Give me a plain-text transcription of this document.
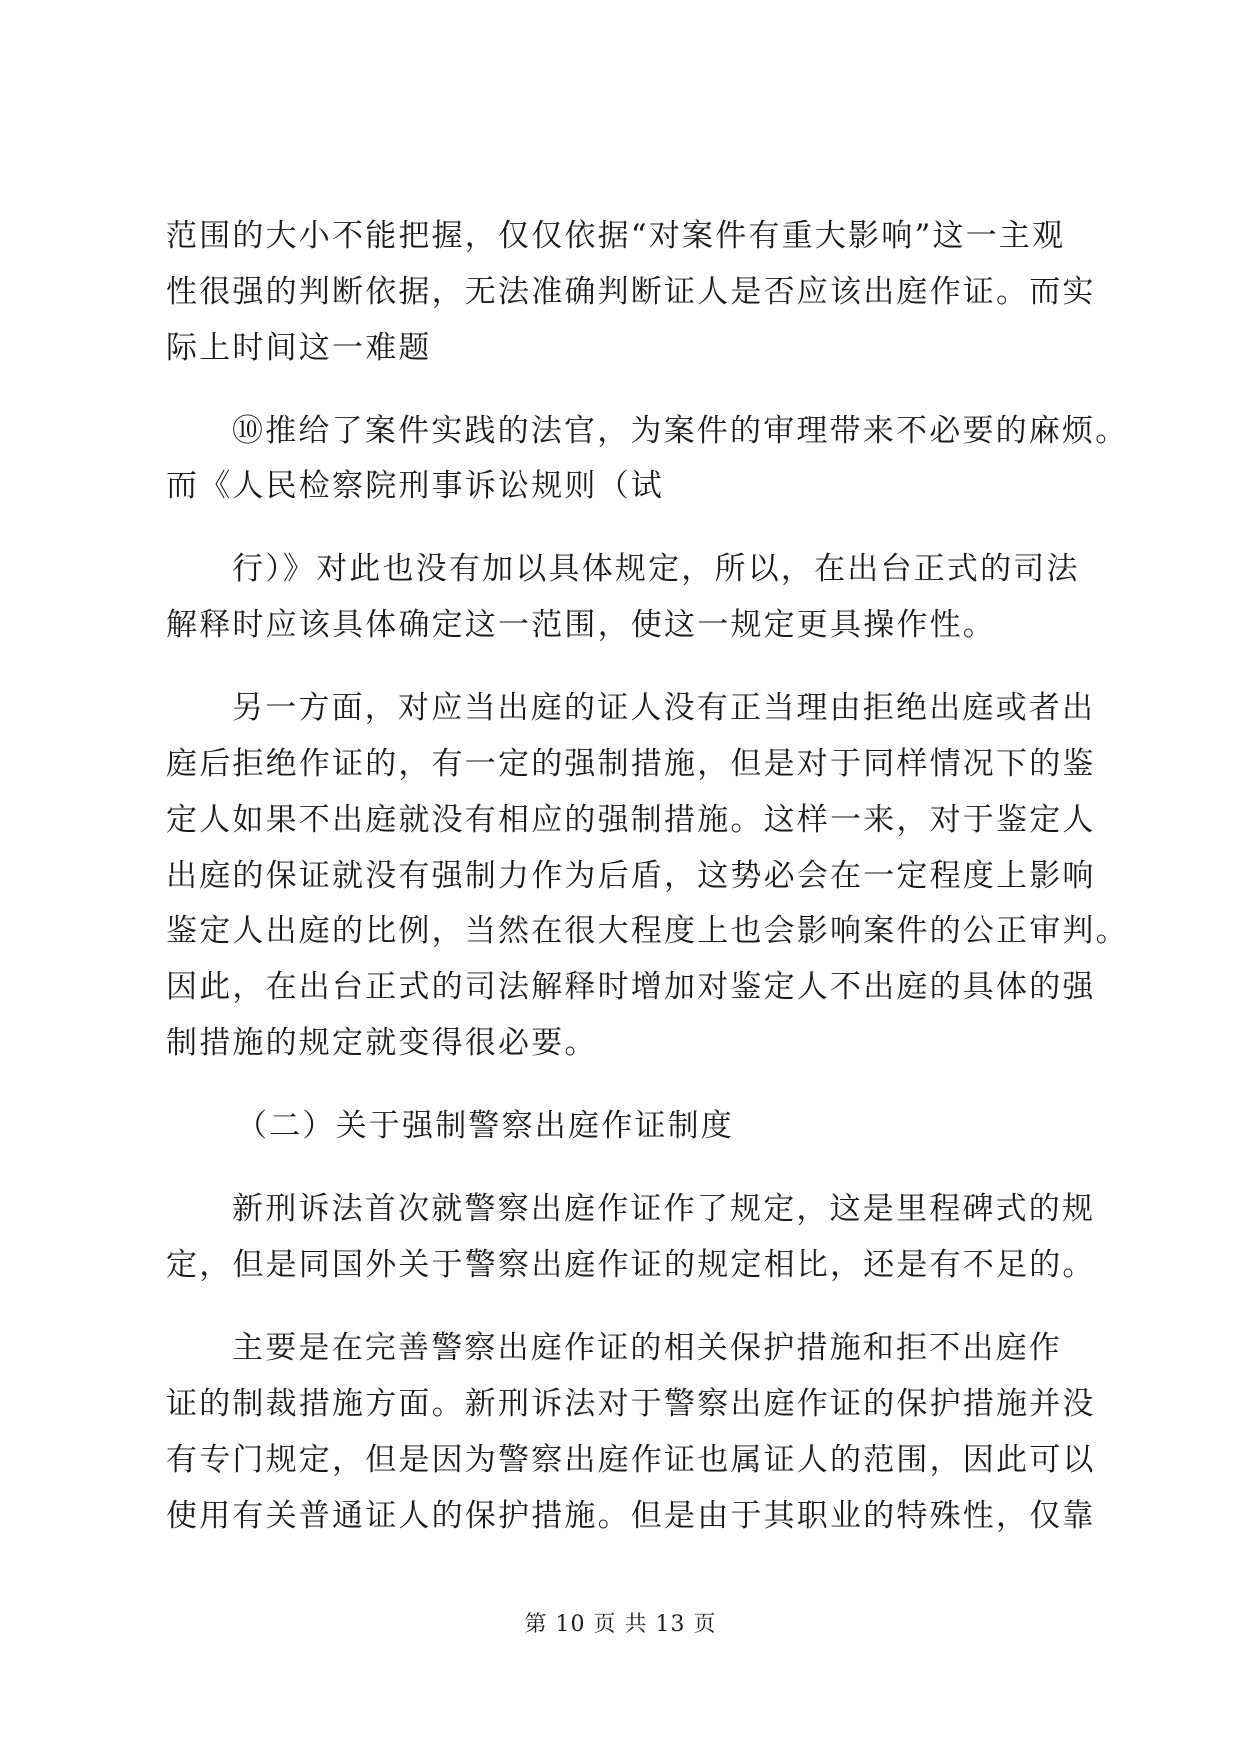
范围的大小不能把握，仅仅依据“对案件有重大影响”这一主观
性很强的判断依据，无法准确判断证人是否应该出庭作证。而实
际上时间这一难题
⑩推给了案件实践的法官，为案件的审理带来不必要的麻烦。
而《人民检察院刑事诉讼规则（试
行）》对此也没有加以具体规定，所以，在出台正式的司法
解释时应该具体确定这一范围，使这一规定更具操作性。
另一方面，对应当出庭的证人没有正当理由拒绝出庭或者出
庭后拒绝作证的，有一定的强制措施，但是对于同样情况下的鉴
定人如果不出庭就没有相应的强制措施。这样一来，对于鉴定人
出庭的保证就没有强制力作为后盾，这势必会在一定程度上影响
鉴定人出庭的比例，当然在很大程度上也会影响案件的公正审判。
因此，在出台正式的司法解释时增加对鉴定人不出庭的具体的强
制措施的规定就变得很必要。
（二）关于强制警察出庭作证制度
新刑诉法首次就警察出庭作证作了规定，这是里程碑式的规
定，但是同国外关于警察出庭作证的规定相比，还是有不足的。
主要是在完善警察出庭作证的相关保护措施和拒不出庭作
证的制裁措施方面。新刑诉法对于警察出庭作证的保护措施并没
有专门规定，但是因为警察出庭作证也属证人的范围，因此可以
使用有关普通证人的保护措施。但是由于其职业的特殊性，仅靠
第 10 页 共 13 页
